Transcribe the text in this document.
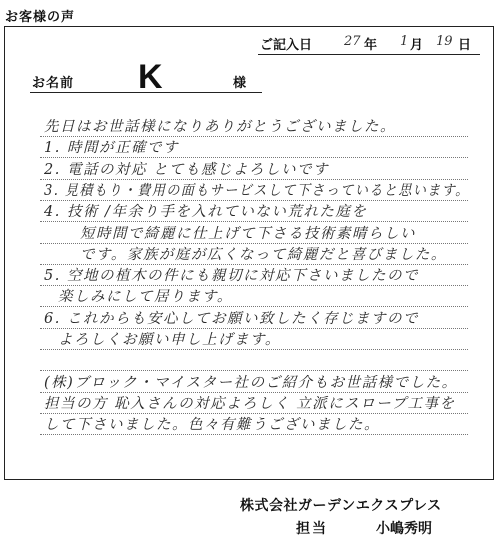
お客様の声
ご記入日 27 年 1 月 19 日
お名前 K	様
先日はお世話様になりありがとうございました。
1. 時間が正確です
2. 電話の対応 とても感じよろしいです
3. 見積もり・費用の面もサービスして下さっていると思います。
4. 技術 /年余り手を入れていない荒れた庭を
短時間で綺麗に仕上げて下さる技術素晴らしい
です。家族が庭が広くなって綺麗だと喜びました。
5. 空地の植木の件にも親切に対応下さいましたので
楽しみにして居ります。
6. これからも安心してお願い致したく存じますので
よろしくお願い申し上げます。
(株)ブロック・マイスター社のご紹介もお世話様でした。
担当の方 恥入さんの対応よろしく 立派にスロープ工事を
して下さいました。色々有難うございました。
株式会社ガーデンエクスプレス
担当	小嶋秀明
